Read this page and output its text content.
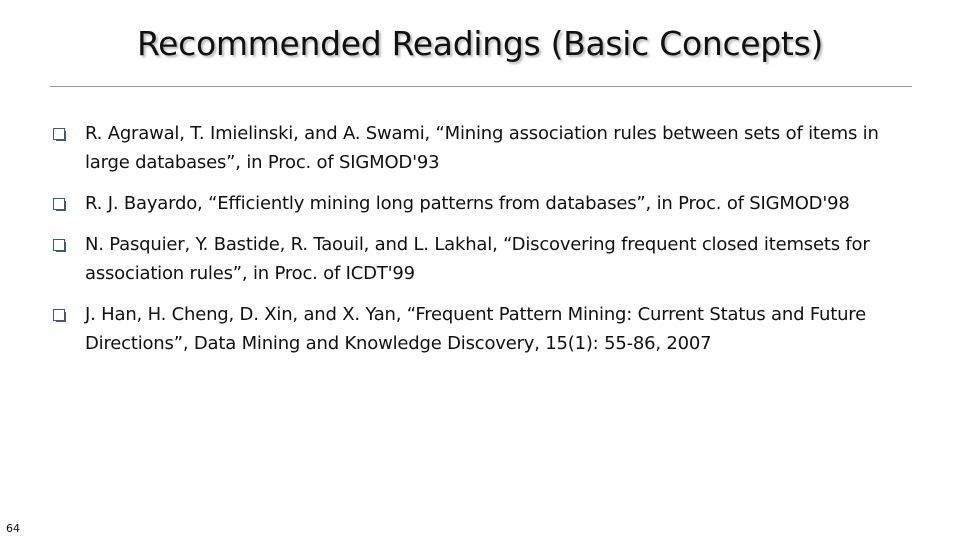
Recommended Readings (Basic Concepts)
R. Agrawal, T. Imielinski, and A. Swami, “Mining association rules between sets of items in large databases”, in Proc. of SIGMOD'93
R. J. Bayardo, “Efficiently mining long patterns from databases”, in Proc. of SIGMOD'98
N. Pasquier, Y. Bastide, R. Taouil, and L. Lakhal, “Discovering frequent closed itemsets for association rules”, in Proc. of ICDT'99
J. Han, H. Cheng, D. Xin, and X. Yan, “Frequent Pattern Mining: Current Status and Future Directions”, Data Mining and Knowledge Discovery, 15(1): 55-86, 2007
64
